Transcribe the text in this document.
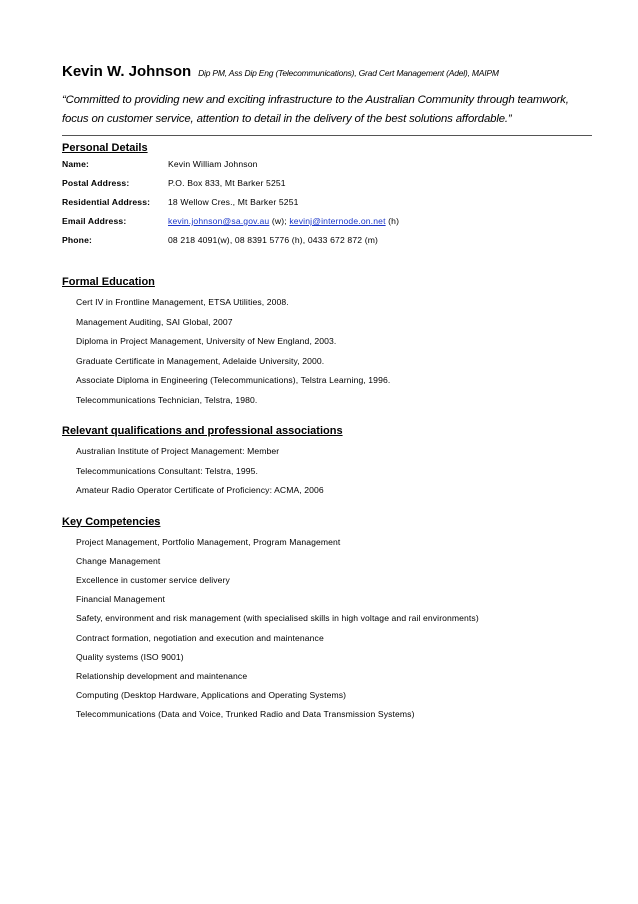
Kevin W. Johnson Dip PM, Ass Dip Eng (Telecommunications), Grad Cert Management (Adel), MAIPM
“Committed to providing new and exciting infrastructure to the Australian Community through teamwork, focus on customer service, attention to detail in the delivery of the best solutions affordable.”
Personal Details
Name:	Kevin William Johnson
Postal Address:	P.O. Box 833, Mt Barker 5251
Residential Address:	18 Wellow Cres., Mt Barker 5251
Email Address:	kevin.johnson@sa.gov.au (w); kevinj@internode.on.net (h)
Phone:	08 218 4091(w), 08 8391 5776 (h), 0433 672 872 (m)
Formal Education
Cert IV in Frontline Management, ETSA Utilities, 2008.
Management Auditing, SAI Global, 2007
Diploma in Project Management, University of New England, 2003.
Graduate Certificate in Management, Adelaide University, 2000.
Associate Diploma in Engineering (Telecommunications), Telstra Learning, 1996.
Telecommunications Technician, Telstra, 1980.
Relevant qualifications and professional associations
Australian Institute of Project Management: Member
Telecommunications Consultant: Telstra, 1995.
Amateur Radio Operator Certificate of Proficiency: ACMA, 2006
Key Competencies
Project Management, Portfolio Management, Program Management
Change Management
Excellence in customer service delivery
Financial Management
Safety, environment and risk management (with specialised skills in high voltage and rail environments)
Contract formation, negotiation and execution and maintenance
Quality systems (ISO 9001)
Relationship development and maintenance
Computing (Desktop Hardware, Applications and Operating Systems)
Telecommunications (Data and Voice, Trunked Radio and Data Transmission Systems)
